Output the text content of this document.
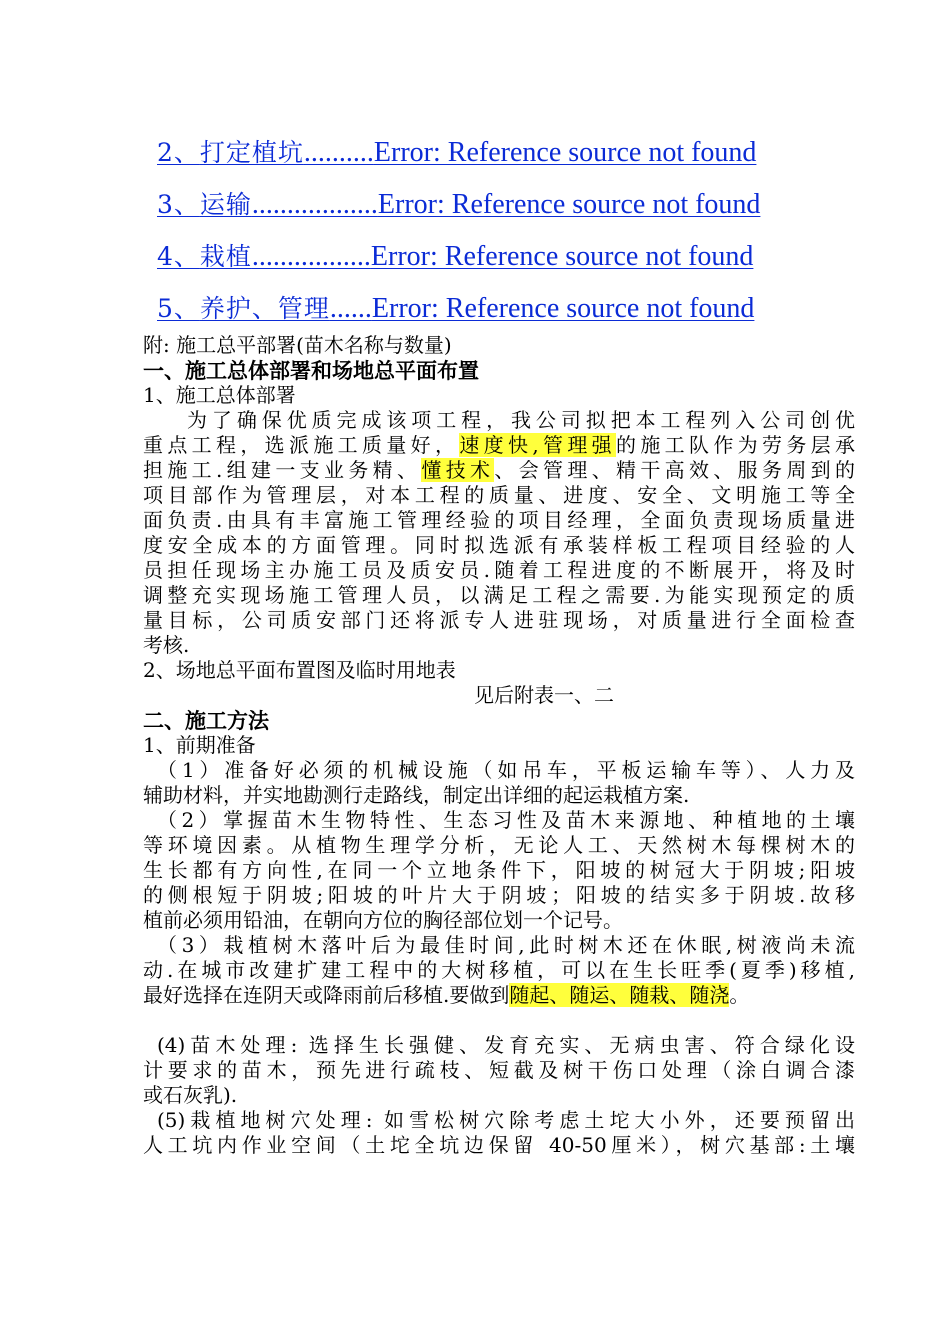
2、打定植坑..........Error: Reference source not found
3、运输..................Error: Reference source not found
4、栽植.................Error: Reference source not found
5、养护、管理......Error: Reference source not found
附: 施工总平部署(苗木名称与数量)
一、施工总体部署和场地总平面布置
1、施工总体部署
为了确保优质完成该项工程，我公司拟把本工程列入公司创优
重点工程，选派施工质量好，速度快,管理强的施工队作为劳务层承
担施工.组建一支业务精、懂技术、会管理、精干高效、服务周到的
项目部作为管理层，对本工程的质量、进度、安全、文明施工等全
面负责.由具有丰富施工管理经验的项目经理，全面负责现场质量进
度安全成本的方面管理。同时拟选派有承装样板工程项目经验的人
员担任现场主办施工员及质安员.随着工程进度的不断展开，将及时
调整充实现场施工管理人员，以满足工程之需要.为能实现预定的质
量目标，公司质安部门还将派专人进驻现场，对质量进行全面检查
考核.
2、场地总平面布置图及临时用地表
见后附表一、二
二、施工方法
1、前期准备
（1）准备好必须的机械设施（如吊车，平板运输车等）、人力及
辅助材料，并实地勘测行走路线，制定出详细的起运栽植方案.
（2）掌握苗木生物特性、生态习性及苗木来源地、种植地的土壤
等环境因素。从植物生理学分析，无论人工、天然树木每棵树木的
生长都有方向性,在同一个立地条件下，阳坡的树冠大于阴坡;阳坡
的侧根短于阴坡;阳坡的叶片大于阴坡；阳坡的结实多于阴坡.故移
植前必须用铅油，在朝向方位的胸径部位划一个记号。
（3）栽植树木落叶后为最佳时间,此时树木还在休眠,树液尚未流
动.在城市改建扩建工程中的大树移植，可以在生长旺季(夏季)移植,
最好选择在连阴天或降雨前后移植.要做到随起、随运、随栽、随浇。
(4)苗木处理: 选择生长强健、发育充实、无病虫害、符合绿化设
计要求的苗木，预先进行疏枝、短截及树干伤口处理（涂白调合漆
或石灰乳).
(5)栽植地树穴处理: 如雪松树穴除考虑土坨大小外，还要预留出
人工坑内作业空间（土坨全坑边保留 40-50厘米），树穴基部:土壤
